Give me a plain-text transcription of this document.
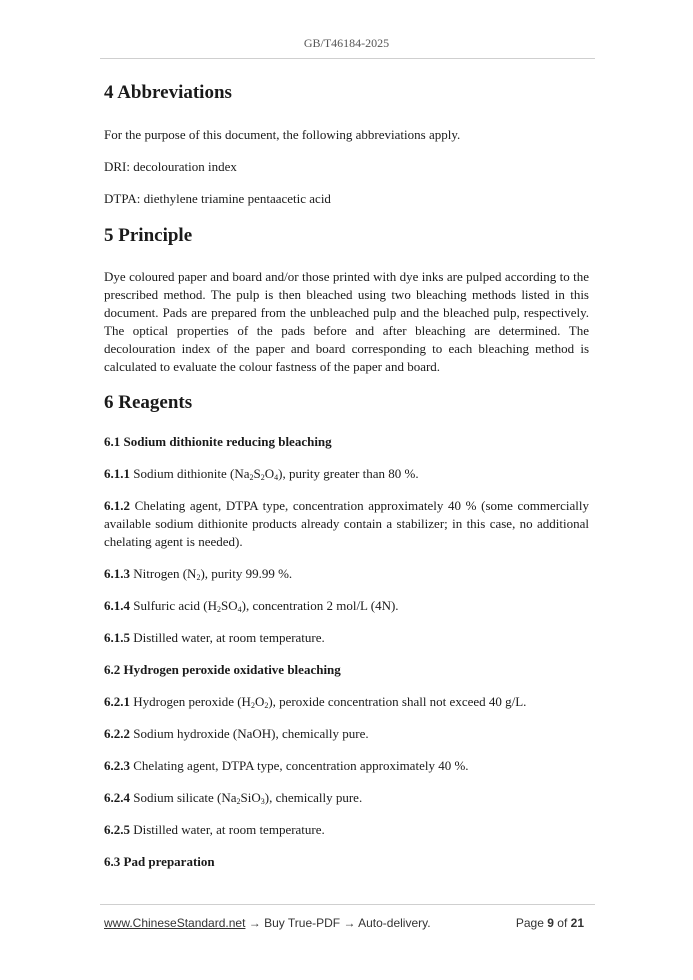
GB/T46184-2025
4 Abbreviations

For the purpose of this document, the following abbreviations apply.

DRI: decolouration index

DTPA: diethylene triamine pentaacetic acid

5 Principle

Dye coloured paper and board and/or those printed with dye inks are pulped according to the prescribed method. The pulp is then bleached using two bleaching methods listed in this document. Pads are prepared from the unbleached pulp and the bleached pulp, respectively. The optical properties of the pads before and after bleaching are determined. The decolouration index of the paper and board corresponding to each bleaching method is calculated to evaluate the colour fastness of the paper and board.

6 Reagents

6.1 Sodium dithionite reducing bleaching

6.1.1 Sodium dithionite $(Na_2S_2O_4)$, purity greater than 80 %.

6.1.2 Chelating agent, DTPA type, concentration approximately 40 % (some commercially available sodium dithionite products already contain a stabilizer; in this case, no additional chelating agent is needed).

6.1.3 Nitrogen $(N_2)$, purity 99.99 %.

6.1.4 Sulfuric acid $(H_2SO_4)$, concentration 2 mol/L (4N).

6.1.5 Distilled water, at room temperature.

6.2 Hydrogen peroxide oxidative bleaching

6.2.1 Hydrogen peroxide $(H_2O_2)$, peroxide concentration shall not exceed 40 g/L.

6.2.2 Sodium hydroxide (NaOH), chemically pure.

6.2.3 Chelating agent, DTPA type, concentration approximately 40 %.

6.2.4 Sodium silicate $(Na_2SiO_3)$, chemically pure.

6.2.5 Distilled water, at room temperature.

6.3 Pad preparation

www.ChineseStandard.net → Buy True-PDF → Auto-delivery.	Page 9 of 21
